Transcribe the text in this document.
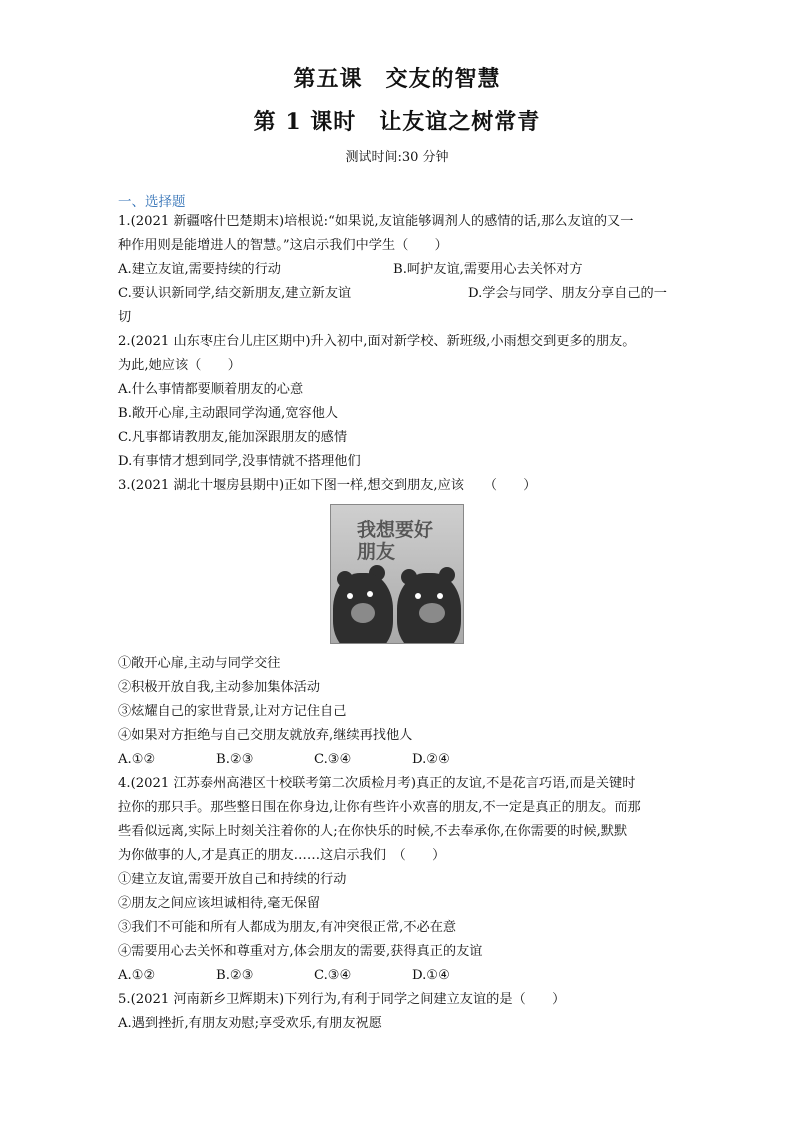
第五课　交友的智慧
第 1 课时　让友谊之树常青
测试时间:30 分钟
一、选择题
1.(2021 新疆喀什巴楚期末)培根说:“如果说,友谊能够调剂人的感情的话,那么友谊的又一
种作用则是能增进人的智慧。”这启示我们中学生（　　）
A.建立友谊,需要持续的行动	B.呵护友谊,需要用心去关怀对方
C.要认识新同学,结交新朋友,建立新友谊	D.学会与同学、朋友分享自己的一
切
2.(2021 山东枣庄台儿庄区期中)升入初中,面对新学校、新班级,小雨想交到更多的朋友。
为此,她应该（　　）
A.什么事情都要顺着朋友的心意
B.敞开心扉,主动跟同学沟通,宽容他人
C.凡事都请教朋友,能加深跟朋友的感情
D.有事情才想到同学,没事情就不搭理他们
3.(2021 湖北十堰房县期中)正如下图一样,想交到朋友,应该　　（　　）
我想要好朋友
①敞开心扉,主动与同学交往
②积极开放自我,主动参加集体活动
③炫耀自己的家世背景,让对方记住自己
④如果对方拒绝与自己交朋友就放弃,继续再找他人
A.①②	B.②③	C.③④	D.②④
4.(2021 江苏泰州高港区十校联考第二次质检月考)真正的友谊,不是花言巧语,而是关键时
拉你的那只手。那些整日围在你身边,让你有些许小欢喜的朋友,不一定是真正的朋友。而那
些看似远离,实际上时刻关注着你的人;在你快乐的时候,不去奉承你,在你需要的时候,默默
为你做事的人,才是真正的朋友……这启示我们　（　　）
①建立友谊,需要开放自己和持续的行动
②朋友之间应该坦诚相待,毫无保留
③我们不可能和所有人都成为朋友,有冲突很正常,不必在意
④需要用心去关怀和尊重对方,体会朋友的需要,获得真正的友谊
A.①②	B.②③	C.③④	D.①④
5.(2021 河南新乡卫辉期末)下列行为,有利于同学之间建立友谊的是（　　）
A.遇到挫折,有朋友劝慰;享受欢乐,有朋友祝愿
